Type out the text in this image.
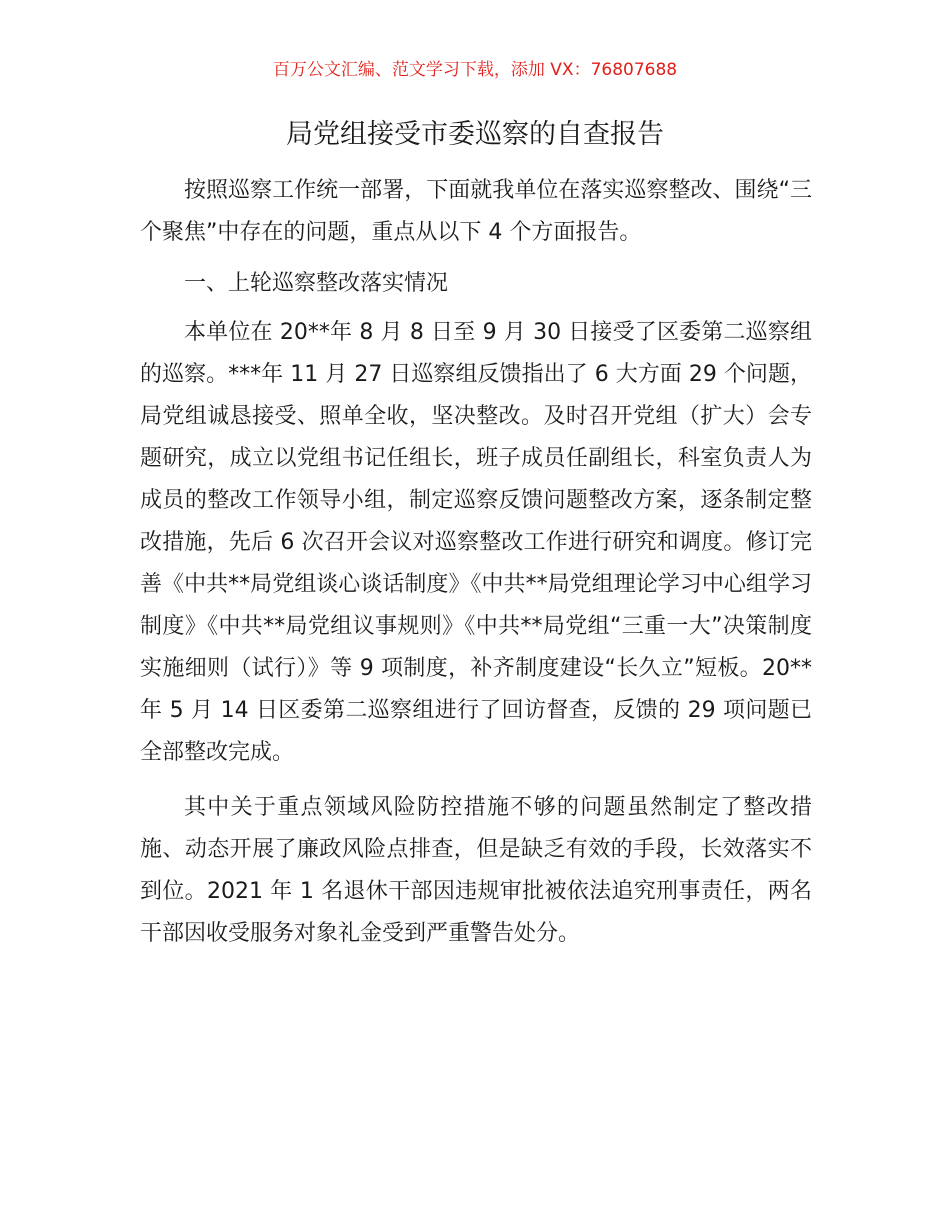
百万公文汇编、范文学习下载，添加 VX：76807688
局党组接受市委巡察的自查报告

按照巡察工作统一部署，下面就我单位在落实巡察整改、围绕“三个聚焦”中存在的问题，重点从以下 4 个方面报告。

一、上轮巡察整改落实情况

本单位在 20**年 8 月 8 日至 9 月 30 日接受了区委第二巡察组的巡察。***年 11 月 27 日巡察组反馈指出了 6 大方面 29 个问题，局党组诚恳接受、照单全收，坚决整改。及时召开党组（扩大）会专题研究，成立以党组书记任组长，班子成员任副组长，科室负责人为成员的整改工作领导小组，制定巡察反馈问题整改方案，逐条制定整改措施，先后 6 次召开会议对巡察整改工作进行研究和调度。修订完善《中共**局党组谈心谈话制度》《中共**局党组理论学习中心组学习制度》《中共**局党组议事规则》《中共**局党组“三重一大”决策制度实施细则（试行）》等 9 项制度，补齐制度建设“长久立”短板。20**年 5 月 14 日区委第二巡察组进行了回访督查，反馈的 29 项问题已全部整改完成。

其中关于重点领域风险防控措施不够的问题虽然制定了整改措施、动态开展了廉政风险点排查，但是缺乏有效的手段，长效落实不到位。2021 年 1 名退休干部因违规审批被依法追究刑事责任，两名干部因收受服务对象礼金受到严重警告处分。
